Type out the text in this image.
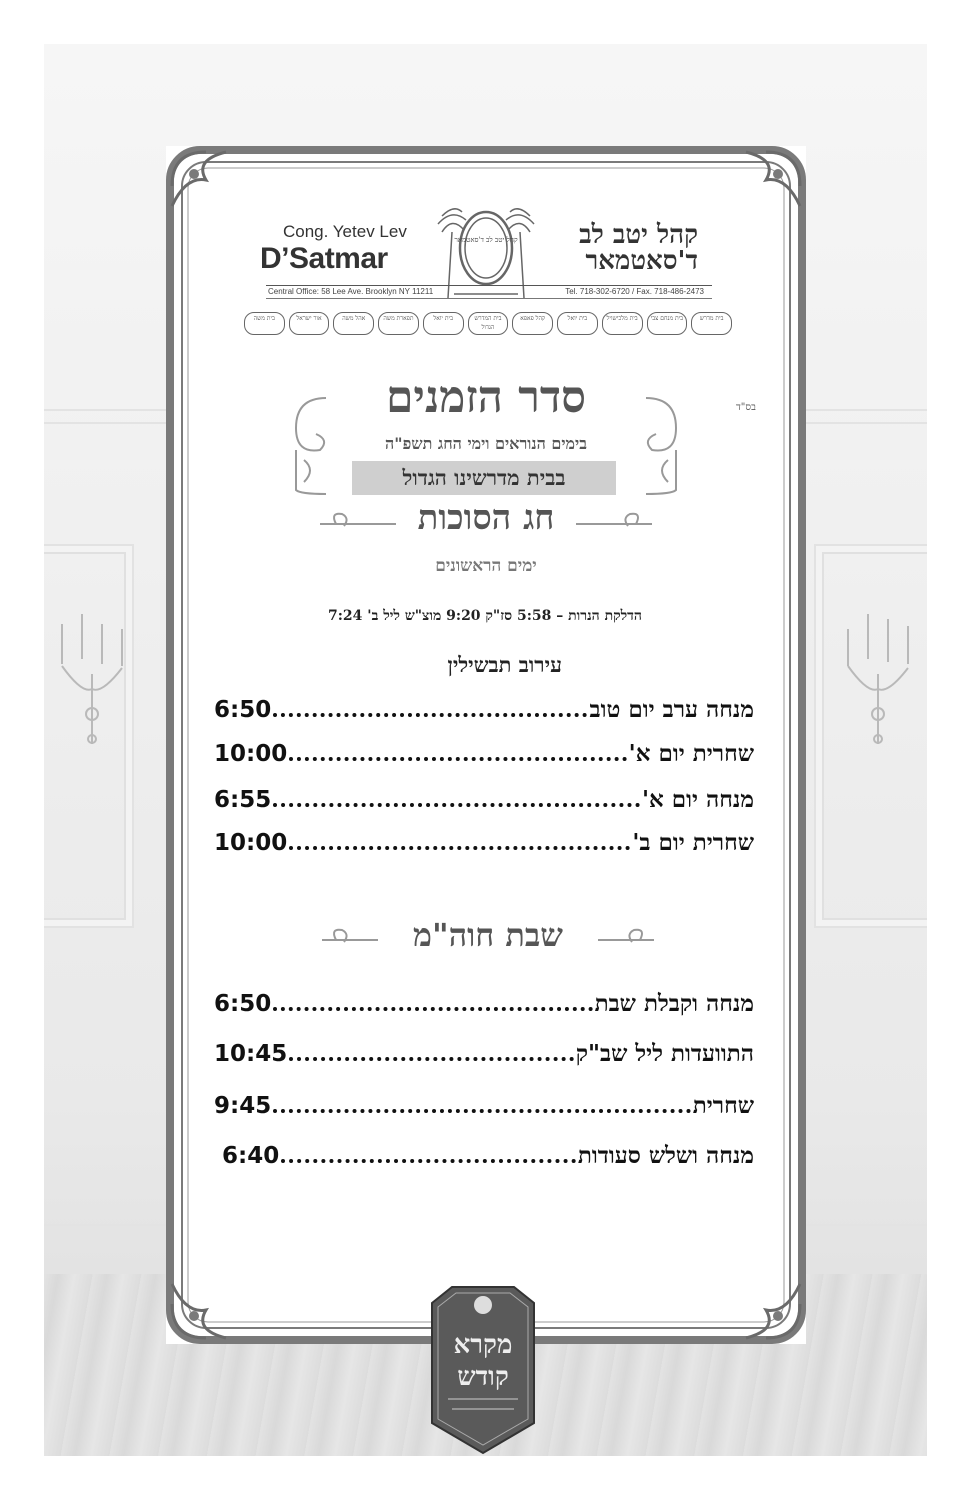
Cong. Yetev Lev
D’Satmar
קהל יטב לב
ד'סאטמאר
קהל יטב לב ד'סאטמאר
Central Office: 58 Lee Ave. Brooklyn NY 11211	Tel. 718-302-6720 / Fax. 718-486-2473
בית מדרש
בית מנחם צבי
בית מלכישויל
בית יואל
קהל פאפא
בית המדרש הגדול
בית יואל
תפארת משה
אהל משה
אור ישראל
בית משה
בס"ד
סדר הזמנים
בימים הנוראים וימי החג תשפ"ה
בבית מדרשינו הגדול
חג הסוכות
ימים הראשונים
הדלקת הנרות – 5:58 סז"ק 9:20 מוצ"ש ליל ב' 7:24
עירוב תבשילין
מנחה ערב יום טוב
6:50
שחרית יום א'
10:00
מנחה יום א'
6:55
שחרית יום ב'
10:00
שבת חוה"מ
מנחה וקבלת שבת
6:50
התוועדות ליל שב"ק
10:45
שחרית
9:45
מנחה ושלש סעודות
6:40
מקרא
קודש
